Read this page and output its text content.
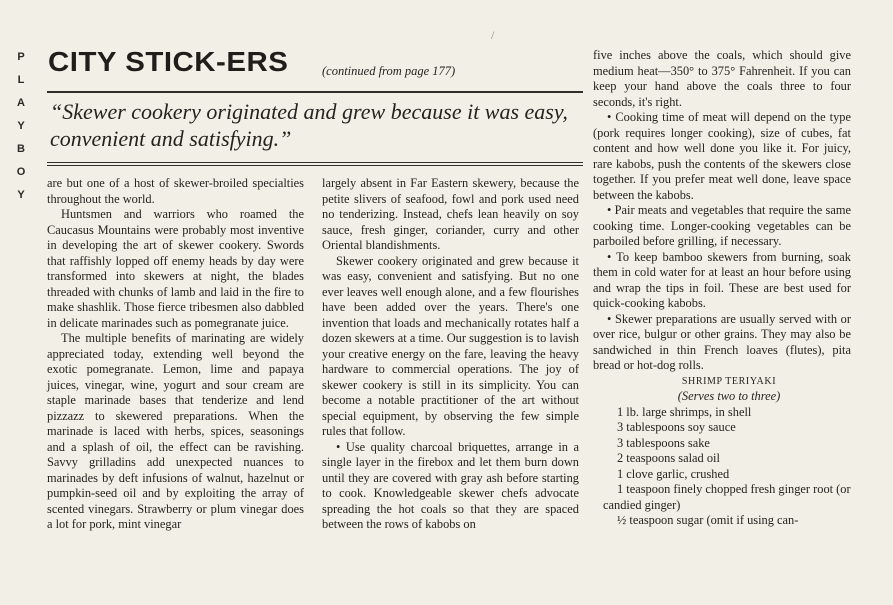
P
L
A
Y
B
O
Y
/
CITY STICK-ERS	(continued from page 177)
“Skewer cookery originated and grew because it was easy, convenient and satisfying.”

are but one of a host of skewer-broiled specialties throughout the world.

Huntsmen and warriors who roamed the Caucasus Mountains were probably most inventive in developing the art of skewer cookery. Swords that raffishly lopped off enemy heads by day were transformed into skewers at night, the blades threaded with chunks of lamb and laid in the fire to make shashlik. Those fierce tribesmen also dabbled in delicate marinades such as pomegranate juice.

The multiple benefits of marinating are widely appreciated today, extending well beyond the exotic pomegranate. Lemon, lime and papaya juices, vinegar, wine, yogurt and sour cream are staple marinade bases that tenderize and lend pizzazz to skewered preparations. When the marinade is laced with herbs, spices, seasonings and a splash of oil, the effect can be ravishing. Savvy grilladins add unexpected nuances to marinades by deft infusions of walnut, hazelnut or pumpkin-seed oil and by exploiting the array of scented vinegars. Strawberry or plum vinegar does a lot for pork, mint vinegar

largely absent in Far Eastern skewery, because the petite slivers of seafood, fowl and pork used need no tenderizing. Instead, chefs lean heavily on soy sauce, fresh ginger, coriander, curry and other Oriental blandishments.

Skewer cookery originated and grew because it was easy, convenient and satisfying. But no one ever leaves well enough alone, and a few flourishes have been added over the years. There's one invention that loads and mechanically rotates half a dozen skewers at a time. Our suggestion is to lavish your creative energy on the fare, leaving the heavy hardware to commercial operations. The joy of skewer cookery is still in its simplicity. You can become a notable practitioner of the art without special equipment, by observing the few simple rules that follow.

• Use quality charcoal briquettes, arrange in a single layer in the firebox and let them burn down until they are covered with gray ash before starting to cook. Knowledgeable skewer chefs advocate spreading the hot coals so that they are spaced between the rows of kabobs on

five inches above the coals, which should give medium heat—350° to 375° Fahrenheit. If you can keep your hand above the coals three to four seconds, it's right.

• Cooking time of meat will depend on the type (pork requires longer cooking), size of cubes, fat content and how well done you like it. For juicy, rare kabobs, push the contents of the skewers close together. If you prefer meat well done, leave space between the kabobs.

• Pair meats and vegetables that require the same cooking time. Longer-cooking vegetables can be parboiled before grilling, if necessary.

• To keep bamboo skewers from burning, soak them in cold water for at least an hour before using and wrap the tips in foil. These are best used for quick-cooking kabobs.

• Skewer preparations are usually served with or over rice, bulgur or other grains. They may also be sandwiched in thin French loaves (flutes), pita bread or hot-dog rolls.

SHRIMP TERIYAKI

(Serves two to three)

1 lb. large shrimps, in shell

3 tablespoons soy sauce

3 tablespoons sake

2 teaspoons salad oil

1 clove garlic, crushed

1 teaspoon finely chopped fresh ginger root (or candied ginger)

½ teaspoon sugar (omit if using can-
